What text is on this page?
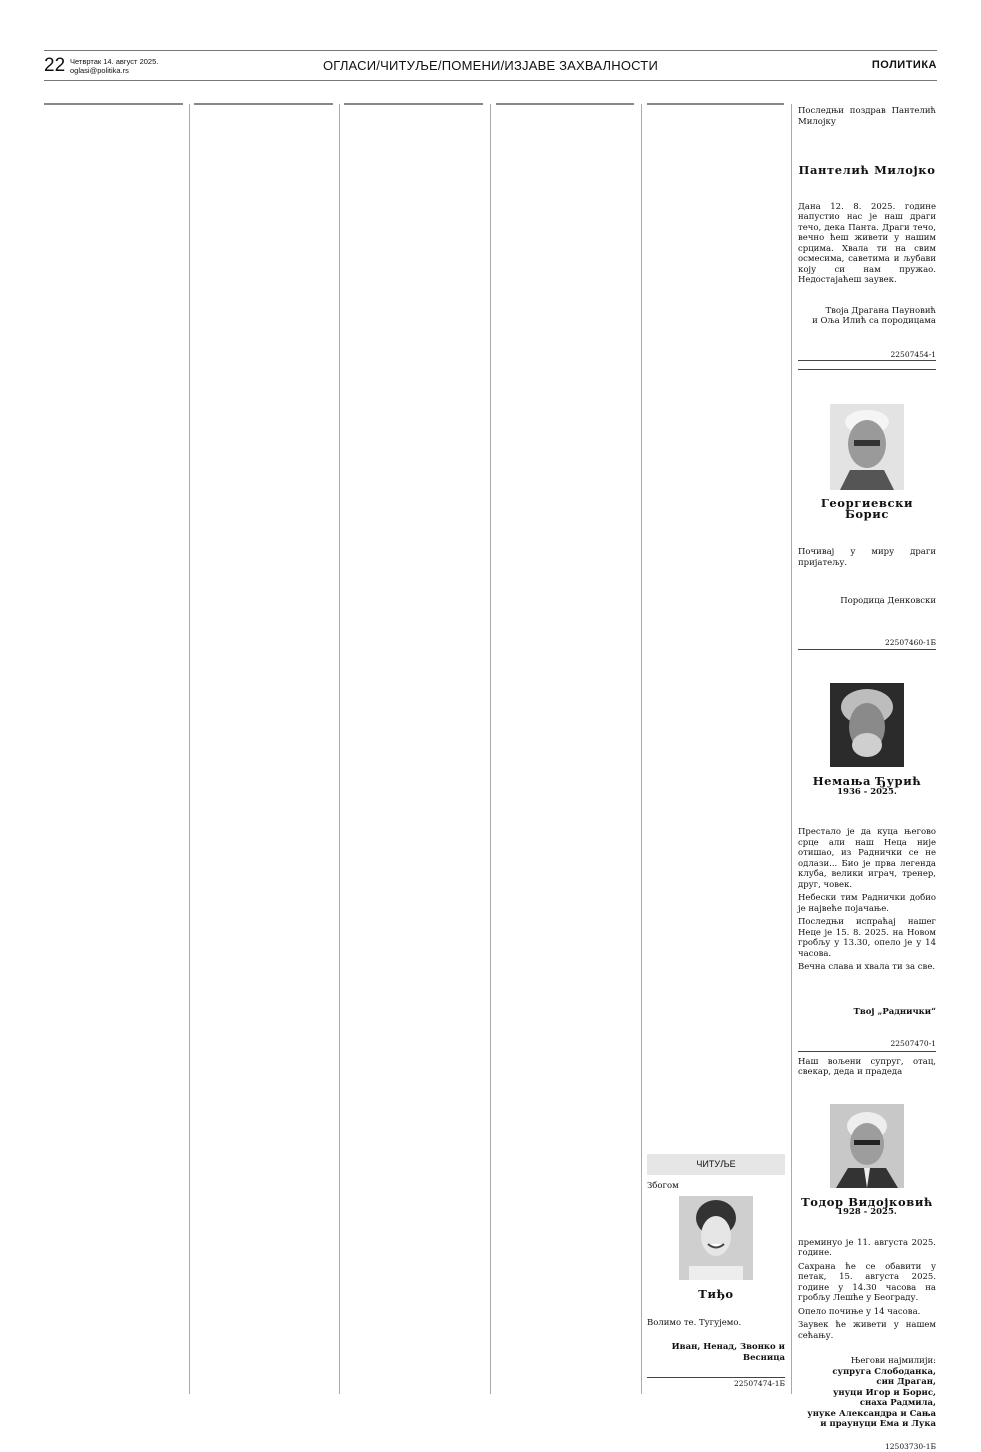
22 Четвртак 14. август 2025.
oglasi@politika.rs	ОГЛАСИ/ЧИТУЉЕ/ПОМЕНИ/ИЗЈАВЕ ЗАХВАЛНОСТИ	ПОЛИТИКА
ЧИТУЉЕ
Збогом
Тиђо
Волимо те. Тугујемо.
Иван, Ненад, Звонко и Весница
22507474-1Б
Последњи поздрав Пантелић Милојку
Пантелић Милојко
Дана 12. 8. 2025. године напустио нас је наш драги течо, дека Панта. Драги течо, вечно ћеш живети у нашим срцима. Хвала ти на свим осмесима, саветима и љубави коју си нам пружао. Недостајаћеш заувек.
Твоја Драгана Пауновић
и Оља Илић са породицама
22507454-1
Георгиевски Борис
Почивај у миру драги пријатељу.
Породица Денковски
22507460-1Б
Немања Ђурић
1936 - 2025.
Престало је да куца његово срце али наш Неца није отишао, из Раднички се не одлази... Био је прва легенда клуба, велики играч, тренер, друг, човек.
Небески тим Раднички добио је највеће појачање.
Последњи испраћај нашег Неце је 15. 8. 2025. на Новом гробљу у 13.30, опело је у 14 часова.
Вечна слава и хвала ти за све.
Твој „Раднички“
22507470-1
Наш вољени супруг, отац, свекар, деда и прадеда
Тодор Видојковић
1928 - 2025.
преминуо је 11. августа 2025. године.
Сахрана ће се обавити у петак, 15. августа 2025. године у 14.30 часова на гробљу Лешће у Београду.
Опело почиње у 14 часова.
Заувек ће живети у нашем сећању.
Његови најмилији:
супруга Слободанка,
син Драган,
унуци Игор и Борис,
снаха Радмила,
унуке Александра и Сања
и праунуци Ема и Лука
12503730-1Б
